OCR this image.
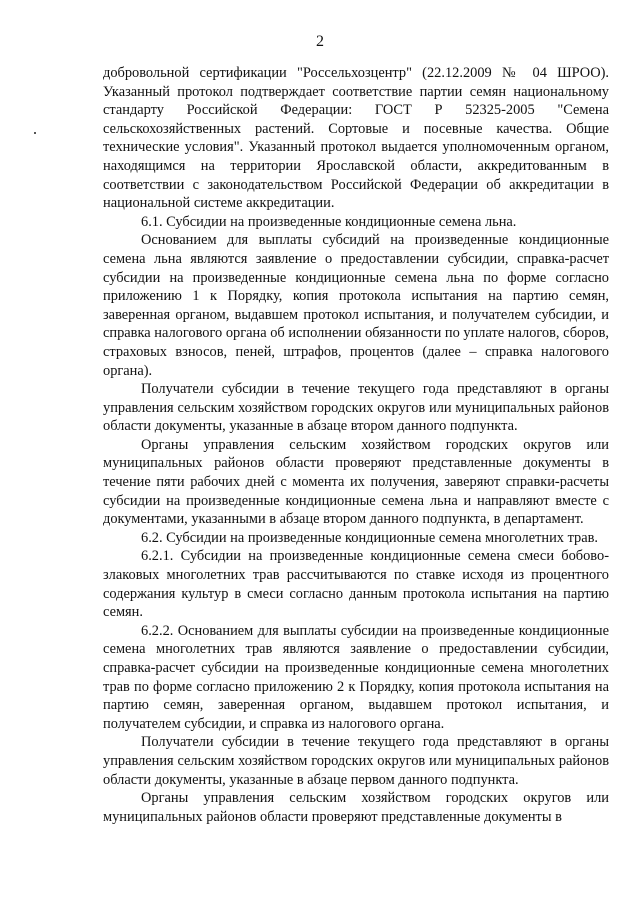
2

добровольной сертификации "Россельхозцентр" (22.12.2009 № 04 ШРОО). Указанный протокол подтверждает соответствие партии семян национальному стандарту Российской Федерации: ГОСТ Р 52325-2005 "Семена сельскохозяйственных растений. Сортовые и посевные качества. Общие технические условия". Указанный протокол выдается уполномоченным органом, находящимся на территории Ярославской области, аккредитованным в соответствии с законодательством Российской Федерации об аккредитации в национальной системе аккредитации.

6.1. Субсидии на произведенные кондиционные семена льна.

Основанием для выплаты субсидий на произведенные кондиционные семена льна являются заявление о предоставлении субсидии, справка-расчет субсидии на произведенные кондиционные семена льна по форме согласно приложению 1 к Порядку, копия протокола испытания на партию семян, заверенная органом, выдавшем протокол испытания, и получателем субсидии, и справка налогового органа об исполнении обязанности по уплате налогов, сборов, страховых взносов, пеней, штрафов, процентов (далее – справка налогового органа).

Получатели субсидии в течение текущего года представляют в органы управления сельским хозяйством городских округов или муниципальных районов области документы, указанные в абзаце втором данного подпункта.

Органы управления сельским хозяйством городских округов или муниципальных районов области проверяют представленные документы в течение пяти рабочих дней с момента их получения, заверяют справки-расчеты субсидии на произведенные кондиционные семена льна и направляют вместе с документами, указанными в абзаце втором данного подпункта, в департамент.

6.2. Субсидии на произведенные кондиционные семена многолетних трав.

6.2.1. Субсидии на произведенные кондиционные семена смеси бобово-злаковых многолетних трав рассчитываются по ставке исходя из процентного содержания культур в смеси согласно данным протокола испытания на партию семян.

6.2.2. Основанием для выплаты субсидии на произведенные кондиционные семена многолетних трав являются заявление о предоставлении субсидии, справка-расчет субсидии на произведенные кондиционные семена многолетних трав по форме согласно приложению 2 к Порядку, копия протокола испытания на партию семян, заверенная органом, выдавшем протокол испытания, и получателем субсидии, и справка из налогового органа.

Получатели субсидии в течение текущего года представляют в органы управления сельским хозяйством городских округов или муниципальных районов области документы, указанные в абзаце первом данного подпункта.

Органы управления сельским хозяйством городских округов или муниципальных районов области проверяют представленные документы в
